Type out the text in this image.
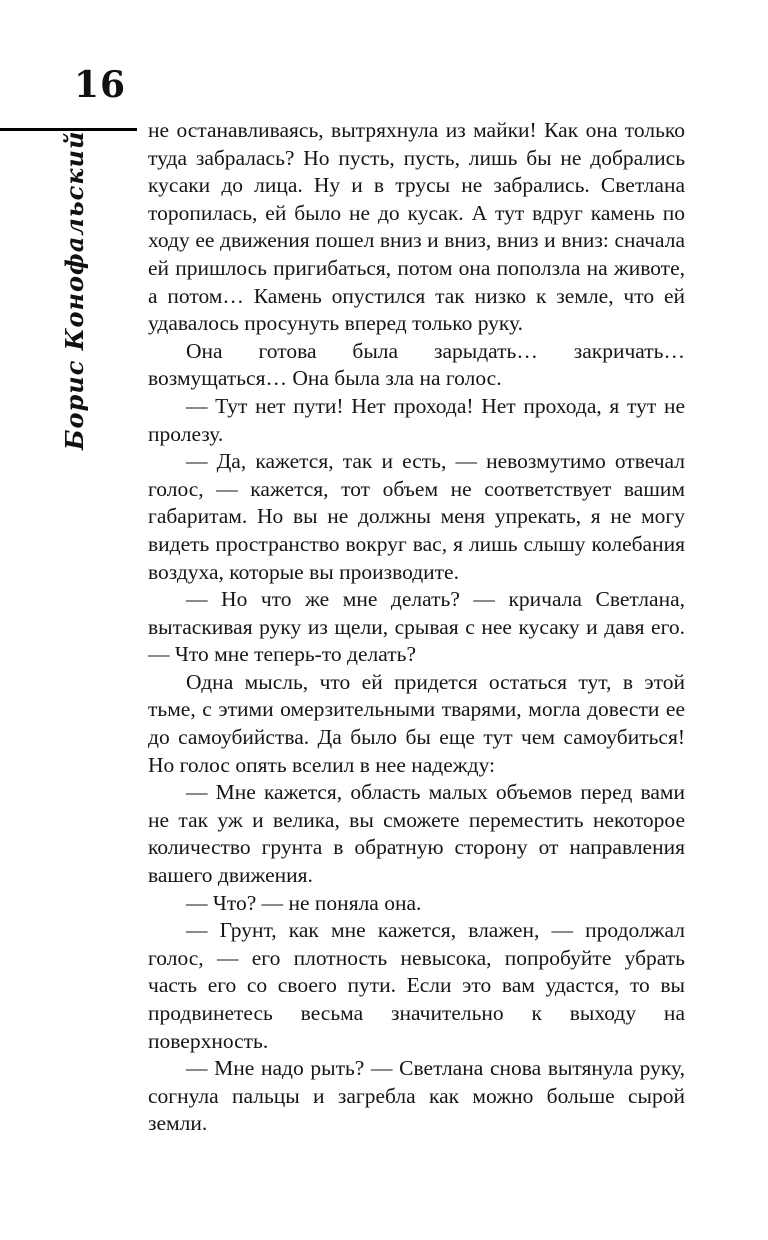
16
Борис Конофальский

не останавливаясь, вытряхнула из майки! Как она только туда забралась? Но пусть, пусть, лишь бы не добрались кусаки до лица. Ну и в трусы не забрались. Светлана торопилась, ей было не до кусак. А тут вдруг камень по ходу ее движения пошел вниз и вниз, вниз и вниз: сначала ей пришлось пригибаться, потом она поползла на животе, а потом… Камень опустился так низко к земле, что ей удавалось просунуть вперед только руку.

Она готова была зарыдать… закричать… возмущаться… Она была зла на голос.

— Тут нет пути! Нет прохода! Нет прохода, я тут не пролезу.

— Да, кажется, так и есть, — невозмутимо отвечал голос, — кажется, тот объем не соответствует вашим габаритам. Но вы не должны меня упрекать, я не могу видеть пространство вокруг вас, я лишь слышу колебания воздуха, которые вы производите.

— Но что же мне делать? — кричала Светлана, вытаскивая руку из щели, срывая с нее кусаку и давя его. — Что мне теперь-то делать?

Одна мысль, что ей придется остаться тут, в этой тьме, с этими омерзительными тварями, могла довести ее до самоубийства. Да было бы еще тут чем самоубиться! Но голос опять вселил в нее надежду:

— Мне кажется, область малых объемов перед вами не так уж и велика, вы сможете переместить некоторое количество грунта в обратную сторону от направления вашего движения.

— Что? — не поняла она.

— Грунт, как мне кажется, влажен, — продолжал голос, — его плотность невысока, попробуйте убрать часть его со своего пути. Если это вам удастся, то вы продвинетесь весьма значительно к выходу на поверхность.

— Мне надо рыть? — Светлана снова вытянула руку, согнула пальцы и загребла как можно больше сырой земли.
